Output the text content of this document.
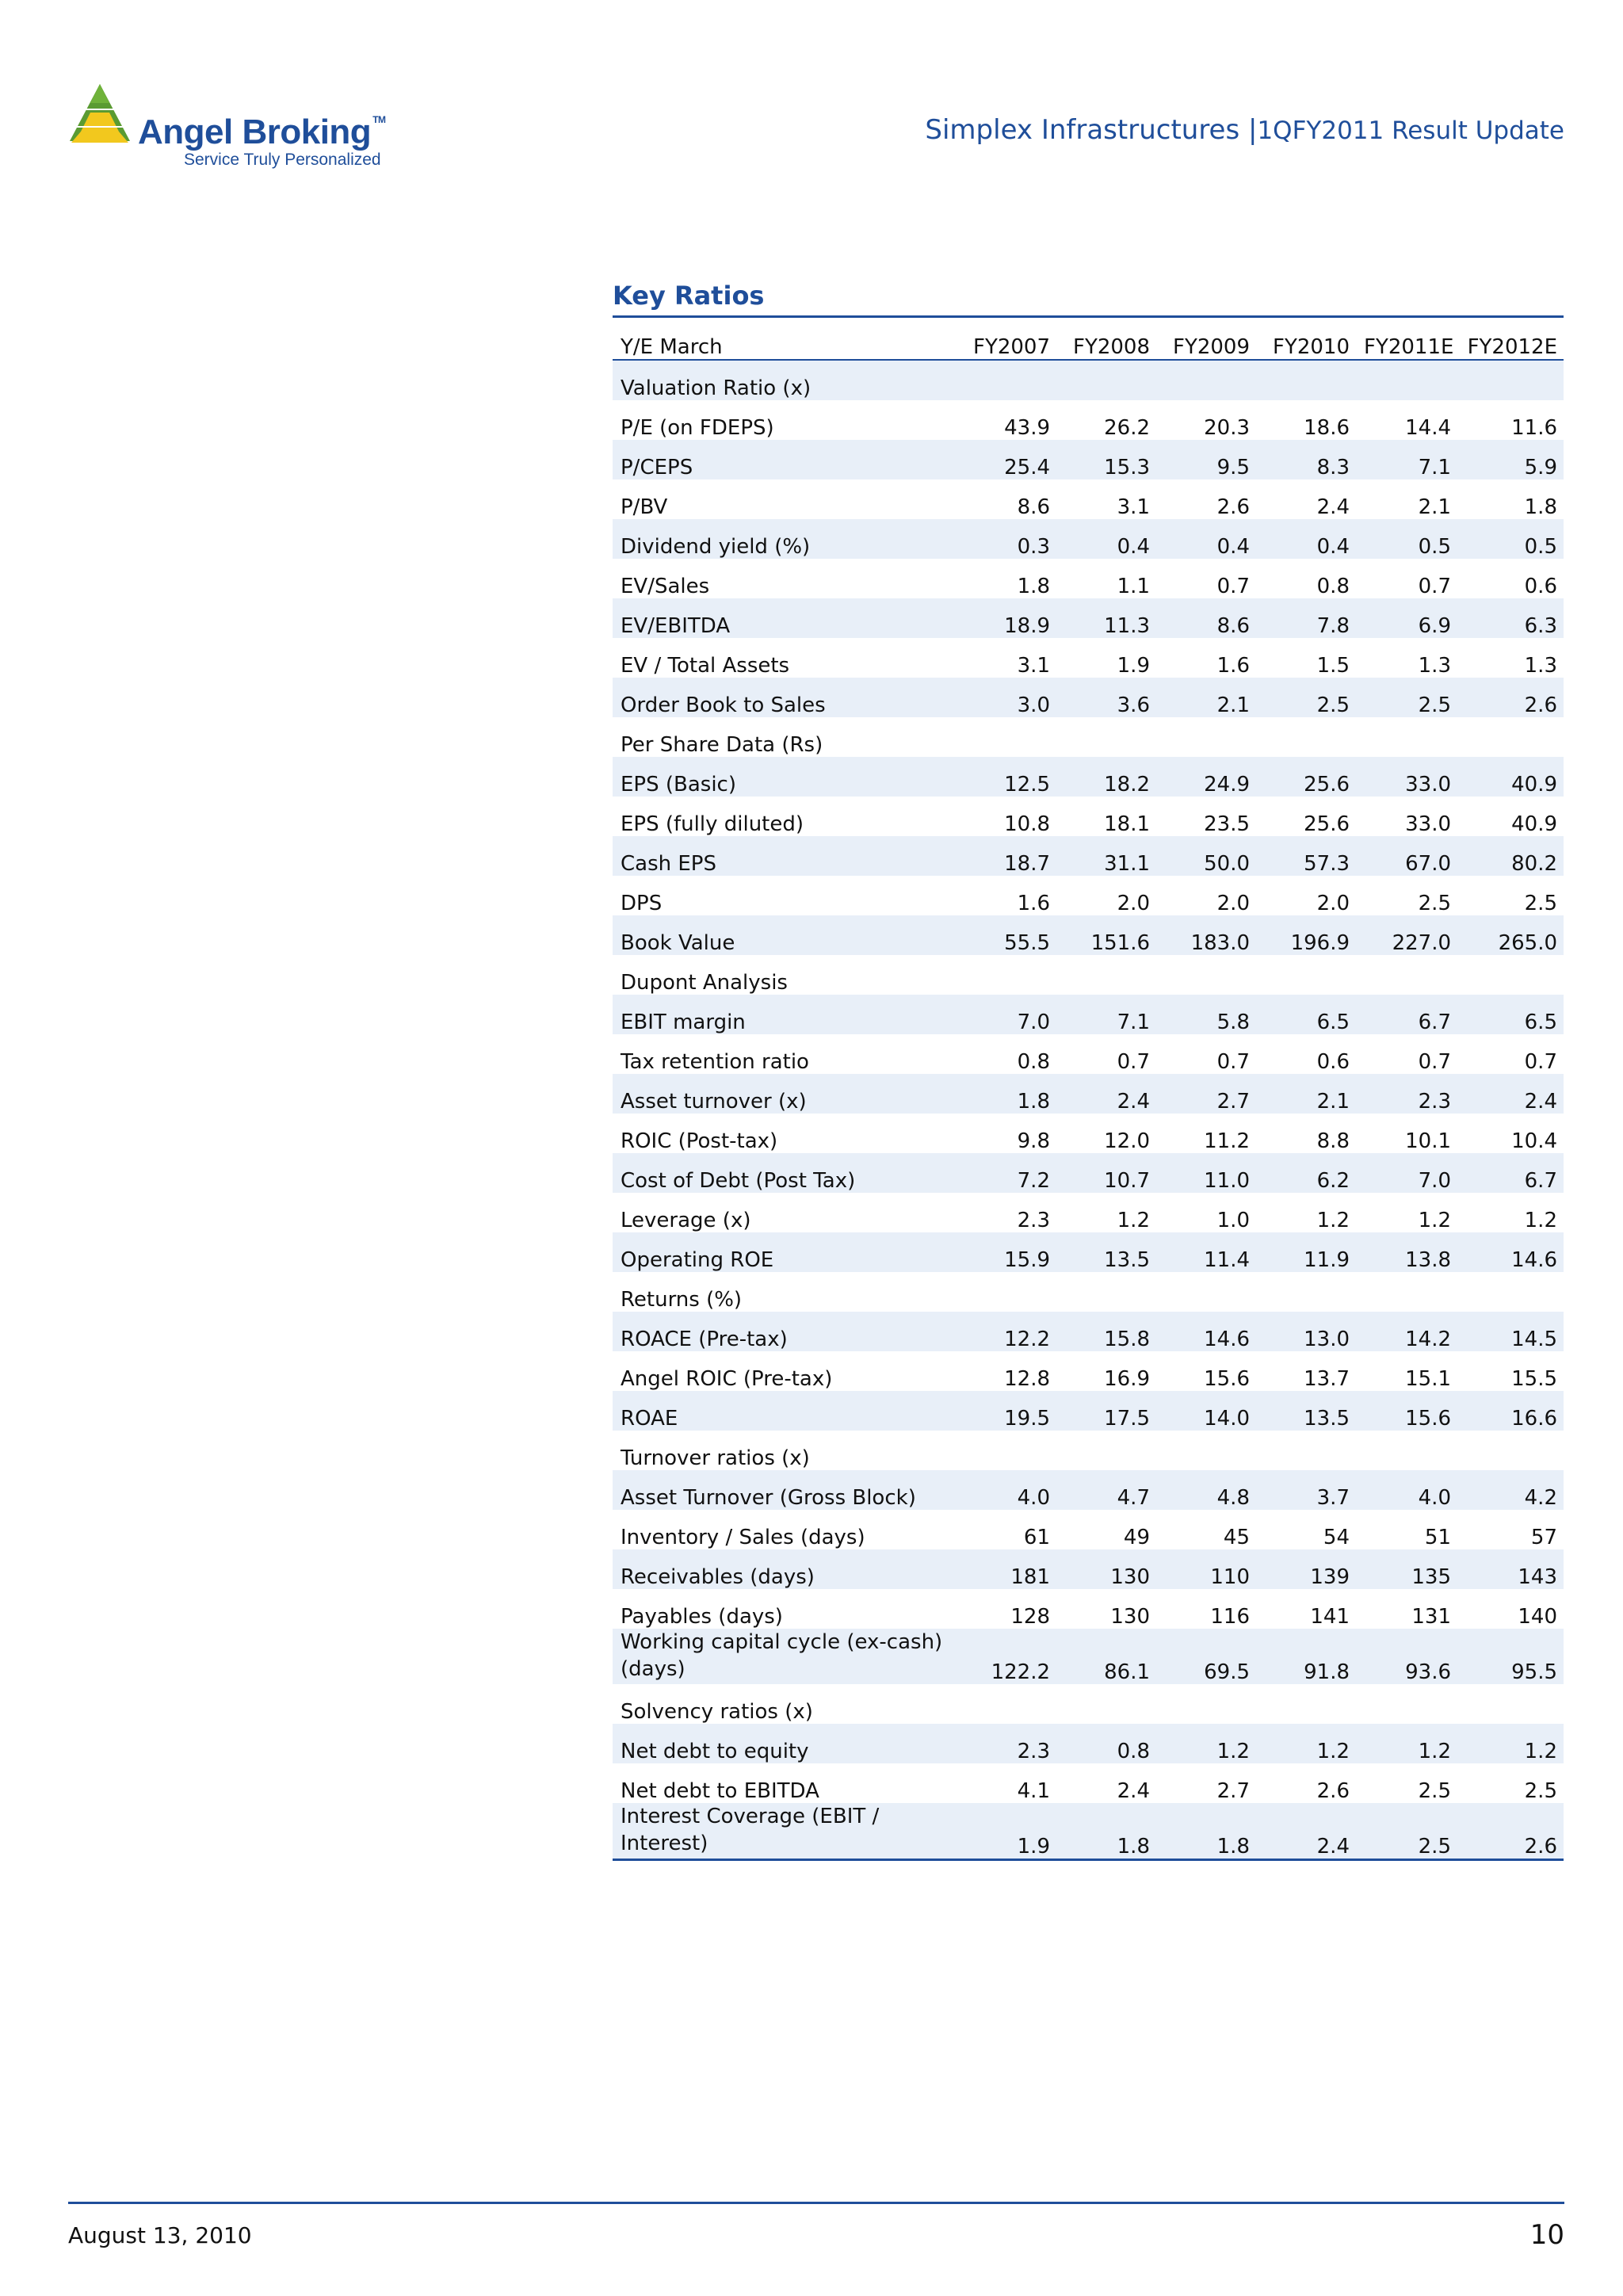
Angel Broking ™
Service Truly Personalized
Simplex Infrastructures |1QFY2011 Result Update
Key Ratios
Y/E March	FY2007	FY2008	FY2009	FY2010	FY2011E	FY2012E
Valuation Ratio (x)						
P/E (on FDEPS)	43.9	26.2	20.3	18.6	14.4	11.6
P/CEPS	25.4	15.3	9.5	8.3	7.1	5.9
P/BV	8.6	3.1	2.6	2.4	2.1	1.8
Dividend yield (%)	0.3	0.4	0.4	0.4	0.5	0.5
EV/Sales	1.8	1.1	0.7	0.8	0.7	0.6
EV/EBITDA	18.9	11.3	8.6	7.8	6.9	6.3
EV / Total Assets	3.1	1.9	1.6	1.5	1.3	1.3
Order Book to Sales	3.0	3.6	2.1	2.5	2.5	2.6
Per Share Data (Rs)						
EPS (Basic)	12.5	18.2	24.9	25.6	33.0	40.9
EPS (fully diluted)	10.8	18.1	23.5	25.6	33.0	40.9
Cash EPS	18.7	31.1	50.0	57.3	67.0	80.2
DPS	1.6	2.0	2.0	2.0	2.5	2.5
Book Value	55.5	151.6	183.0	196.9	227.0	265.0
Dupont Analysis						
EBIT margin	7.0	7.1	5.8	6.5	6.7	6.5
Tax retention ratio	0.8	0.7	0.7	0.6	0.7	0.7
Asset turnover (x)	1.8	2.4	2.7	2.1	2.3	2.4
ROIC (Post-tax)	9.8	12.0	11.2	8.8	10.1	10.4
Cost of Debt (Post Tax)	7.2	10.7	11.0	6.2	7.0	6.7
Leverage (x)	2.3	1.2	1.0	1.2	1.2	1.2
Operating ROE	15.9	13.5	11.4	11.9	13.8	14.6
Returns (%)						
ROACE (Pre-tax)	12.2	15.8	14.6	13.0	14.2	14.5
Angel ROIC (Pre-tax)	12.8	16.9	15.6	13.7	15.1	15.5
ROAE	19.5	17.5	14.0	13.5	15.6	16.6
Turnover ratios (x)						
Asset Turnover (Gross Block)	4.0	4.7	4.8	3.7	4.0	4.2
Inventory / Sales (days)	61	49	45	54	51	57
Receivables (days)	181	130	110	139	135	143
Payables (days)	128	130	116	141	131	140
Working capital cycle (ex-cash) (days)	122.2	86.1	69.5	91.8	93.6	95.5
Solvency ratios (x)						
Net debt to equity	2.3	0.8	1.2	1.2	1.2	1.2
Net debt to EBITDA	4.1	2.4	2.7	2.6	2.5	2.5
Interest Coverage (EBIT / Interest)	1.9	1.8	1.8	2.4	2.5	2.6
August 13, 2010	10
